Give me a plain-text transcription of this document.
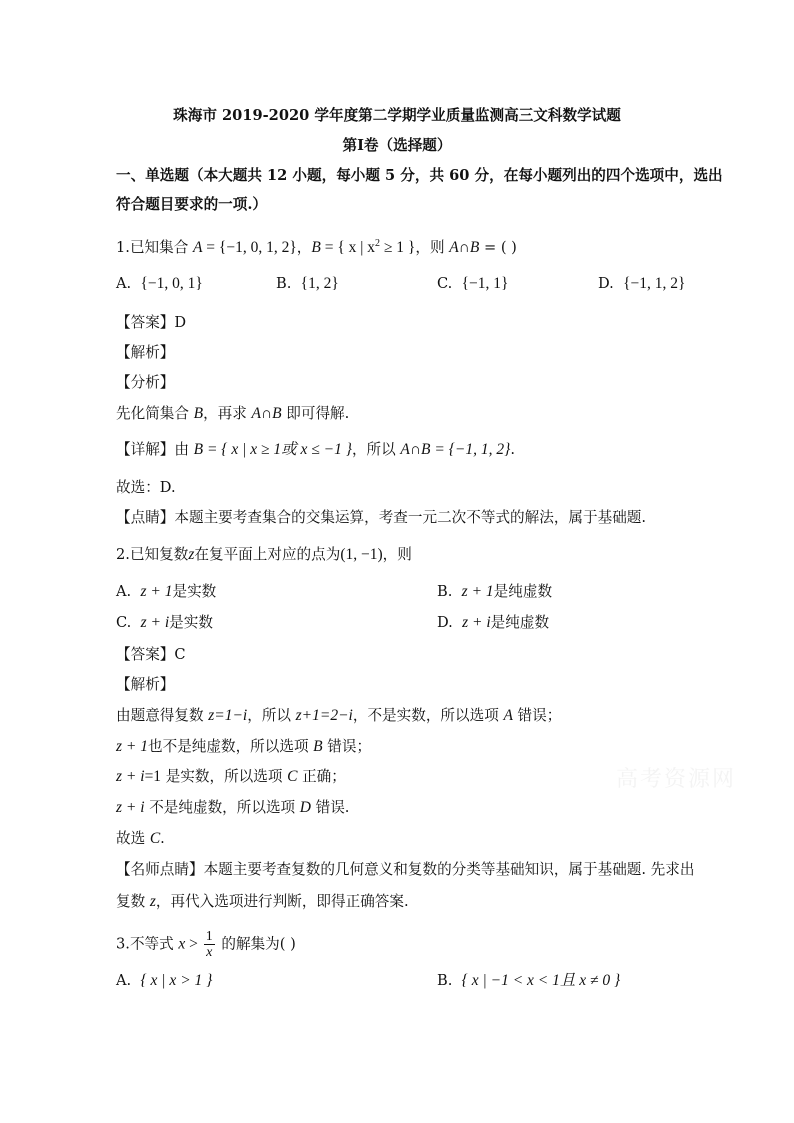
珠海市 2019-2020 学年度第二学期学业质量监测高三文科数学试题
第Ⅰ卷（选择题）
一、单选题（本大题共 12 小题，每小题 5 分，共 60 分，在每小题列出的四个选项中，选出
符合题目要求的一项.）
1.已知集合 A = {−1, 0, 1, 2}，B = { x | $x^2 \ge 1$ }，则 A∩B = ( )
A. {−1, 0, 1}	B. {1, 2}	C. {−1, 1}	D. {−1, 1, 2}
【答案】D
【解析】
【分析】
先化简集合 B，再求 A∩B 即可得解.
【详解】由 B = { x | x ≥ 1或 x ≤ −1 }，所以 A∩B = {−1, 1, 2}.
故选：D.
【点睛】本题主要考查集合的交集运算，考查一元二次不等式的解法，属于基础题.
2.已知复数z在复平面上对应的点为(1, −1)，则
A. z + 1是实数	B. z + 1是纯虚数
C. z + i是实数	D. z + i是纯虚数
【答案】C
【解析】
由题意得复数 z=1−i，所以 z+1=2−i，不是实数，所以选项 A 错误；
z + 1也不是纯虚数，所以选项 B 错误；
z + i=1 是实数，所以选项 C 正确；
z + i 不是纯虚数，所以选项 D 错误.
故选 C.
【名师点睛】本题主要考查复数的几何意义和复数的分类等基础知识，属于基础题. 先求出
复数 z，再代入选项进行判断，即得正确答案.
3.不等式 $x > \frac{1}{x}$ 的解集为( )
A. { x | x > 1 }	B. { x | −1 < x < 1且 x ≠ 0 }
高考资源网
